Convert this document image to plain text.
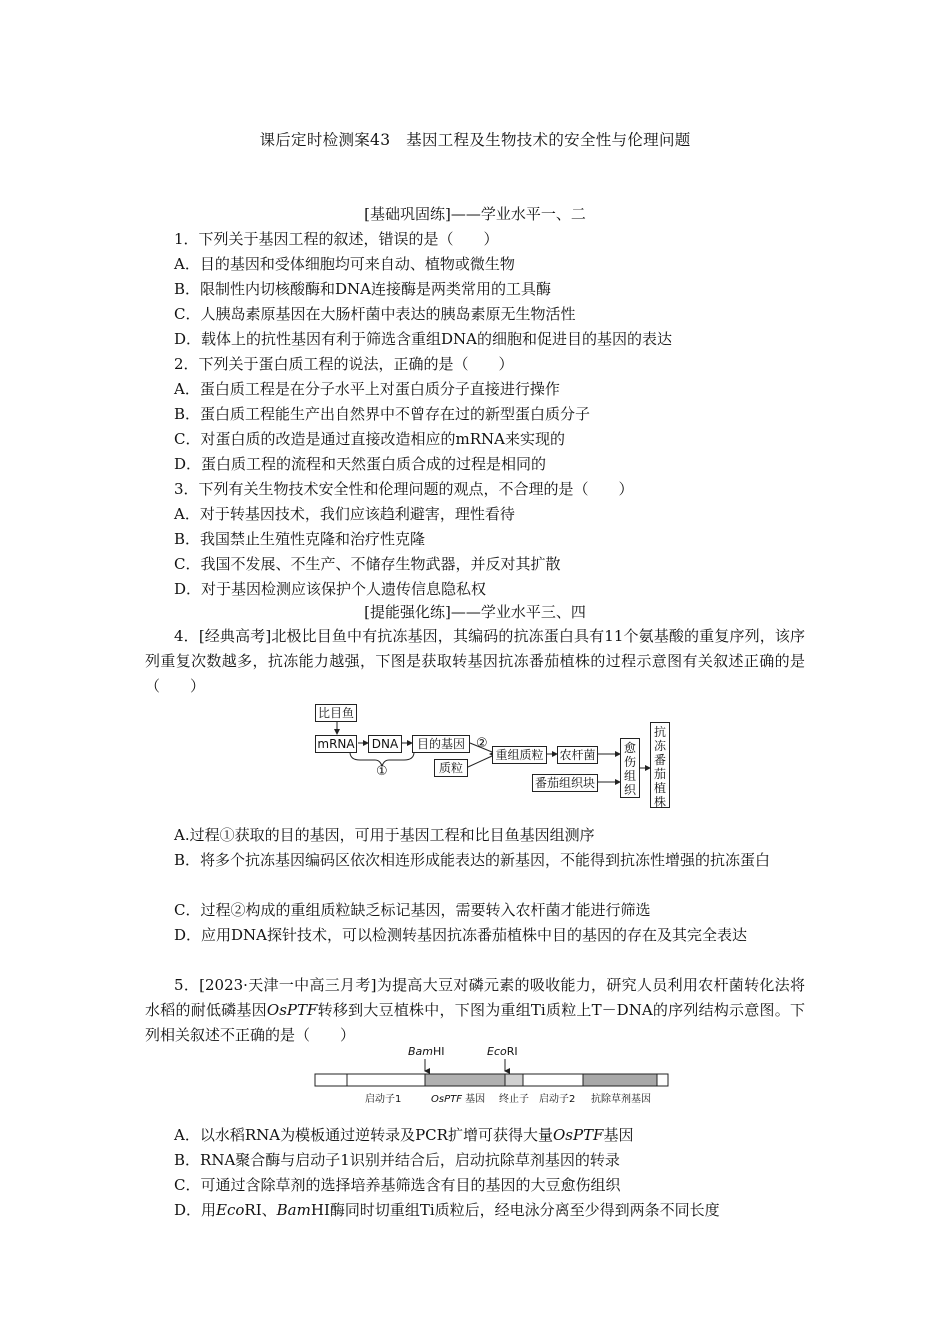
课后定时检测案43　基因工程及生物技术的安全性与伦理问题
[基础巩固练]——学业水平一、二
1．下列关于基因工程的叙述，错误的是（　　）
A．目的基因和受体细胞均可来自动、植物或微生物
B．限制性内切核酸酶和DNA连接酶是两类常用的工具酶
C．人胰岛素原基因在大肠杆菌中表达的胰岛素原无生物活性
D．载体上的抗性基因有利于筛选含重组DNA的细胞和促进目的基因的表达
2．下列关于蛋白质工程的说法，正确的是（　　）
A．蛋白质工程是在分子水平上对蛋白质分子直接进行操作
B．蛋白质工程能生产出自然界中不曾存在过的新型蛋白质分子
C．对蛋白质的改造是通过直接改造相应的mRNA来实现的
D．蛋白质工程的流程和天然蛋白质合成的过程是相同的
3．下列有关生物技术安全性和伦理问题的观点，不合理的是（　　）
A．对于转基因技术，我们应该趋利避害，理性看待
B．我国禁止生殖性克隆和治疗性克隆
C．我国不发展、不生产、不储存生物武器，并反对其扩散
D．对于基因检测应该保护个人遗传信息隐私权
[提能强化练]——学业水平三、四
4．[经典高考]北极比目鱼中有抗冻基因，其编码的抗冻蛋白具有11个氨基酸的重复序列，该序列重复次数越多，抗冻能力越强，下图是获取转基因抗冻番茄植株的过程示意图有关叙述正确的是（　　）
比目鱼
mRNA	DNA	目的基因
①	质粒
②
重组质粒 农杆菌
番茄组织块
愈伤组织
抗冻番茄植株
A.过程①获取的目的基因，可用于基因工程和比目鱼基因组测序
B．将多个抗冻基因编码区依次相连形成能表达的新基因，不能得到抗冻性增强的抗冻蛋白
C．过程②构成的重组质粒缺乏标记基因，需要转入农杆菌才能进行筛选
D．应用DNA探针技术，可以检测转基因抗冻番茄植株中目的基因的存在及其完全表达
5．[2023·天津一中高三月考]为提高大豆对磷元素的吸收能力，研究人员利用农杆菌转化法将水稻的耐低磷基因OsPTF转移到大豆植株中，下图为重组Ti质粒上T－DNA的序列结构示意图。下列相关叙述不正确的是（　　）
BamHⅠ	EcoRⅠ
启动子1	OsPTF 基因 终止子 启动子2 抗除草剂基因
A．以水稻RNA为模板通过逆转录及PCR扩增可获得大量OsPTF基因
B．RNA聚合酶与启动子1识别并结合后，启动抗除草剂基因的转录
C．可通过含除草剂的选择培养基筛选含有目的基因的大豆愈伤组织
D．用EcoRⅠ、BamHⅠ酶同时切重组Ti质粒后，经电泳分离至少得到两条不同长度
